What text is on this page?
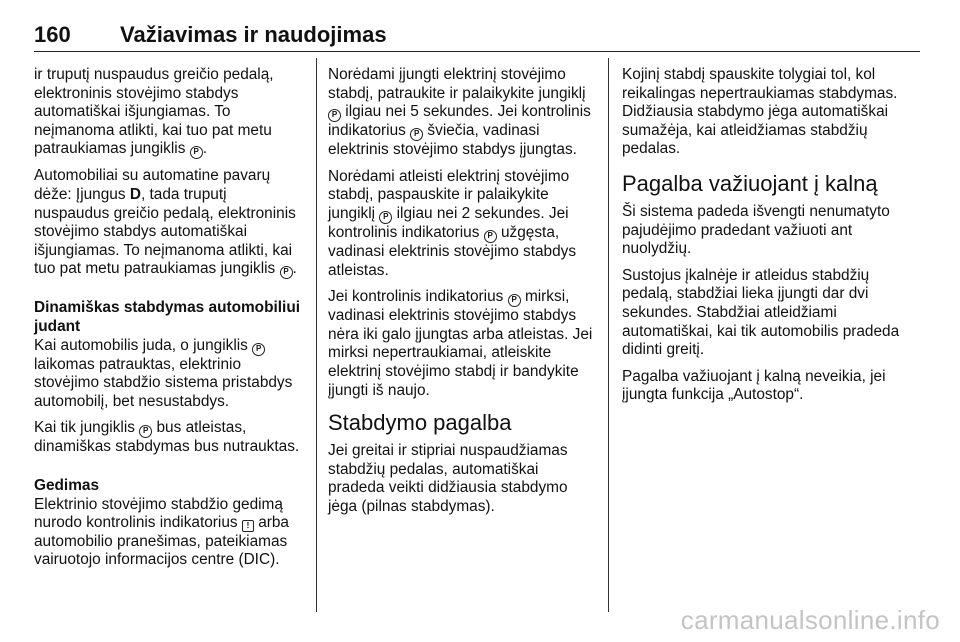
160 Važiavimas ir naudojimas

ir truputį nuspaudus greičio pedalą, elektroninis stovėjimo stabdys automatiškai išjungiamas. To neįmanoma atlikti, kai tuo pat metu patraukiamas jungiklis P .

Automobiliai su automatine pavarų dėže: Įjungus D, tada truputį nuspaudus greičio pedalą, elektroninis stovėjimo stabdys automatiškai išjungiamas. To neįmanoma atlikti, kai tuo pat metu patraukiamas jungiklis P .

Dinamiškas stabdymas automobiliui judant

Kai automobilis juda, o jungiklis P laikomas patrauktas, elektrinio stovėjimo stabdžio sistema pristabdys automobilį, bet nesustabdys.

Kai tik jungiklis P bus atleistas, dinamiškas stabdymas bus nutrauktas.

Gedimas

Elektrinio stovėjimo stabdžio gedimą nurodo kontrolinis indikatorius ! arba automobilio pranešimas, pateikiamas vairuotojo informacijos centre (DIC).

Norėdami įjungti elektrinį stovėjimo stabdį, patraukite ir palaikykite jungiklį P ilgiau nei 5 sekundes. Jei kontrolinis indikatorius P šviečia, vadinasi elektrinis stovėjimo stabdys įjungtas.

Norėdami atleisti elektrinį stovėjimo stabdį, paspauskite ir palaikykite jungiklį P ilgiau nei 2 sekundes. Jei kontrolinis indikatorius P užgęsta, vadinasi elektrinis stovėjimo stabdys atleistas.

Jei kontrolinis indikatorius P mirksi, vadinasi elektrinis stovėjimo stabdys nėra iki galo įjungtas arba atleistas. Jei mirksi nepertraukiamai, atleiskite elektrinį stovėjimo stabdį ir bandykite įjungti iš naujo.

Stabdymo pagalba

Jei greitai ir stipriai nuspaudžiamas stabdžių pedalas, automatiškai pradeda veikti didžiausia stabdymo jėga (pilnas stabdymas).

Kojinį stabdį spauskite tolygiai tol, kol reikalingas nepertraukiamas stabdymas. Didžiausia stabdymo jėga automatiškai sumažėja, kai atleidžiamas stabdžių pedalas.

Pagalba važiuojant į kalną

Ši sistema padeda išvengti nenumatyto pajudėjimo pradedant važiuoti ant nuolydžių.

Sustojus įkalnėje ir atleidus stabdžių pedalą, stabdžiai lieka įjungti dar dvi sekundes. Stabdžiai atleidžiami automatiškai, kai tik automobilis pradeda didinti greitį.

Pagalba važiuojant į kalną neveikia, jei įjungta funkcija „Autostop“.

carmanualsonline.info
